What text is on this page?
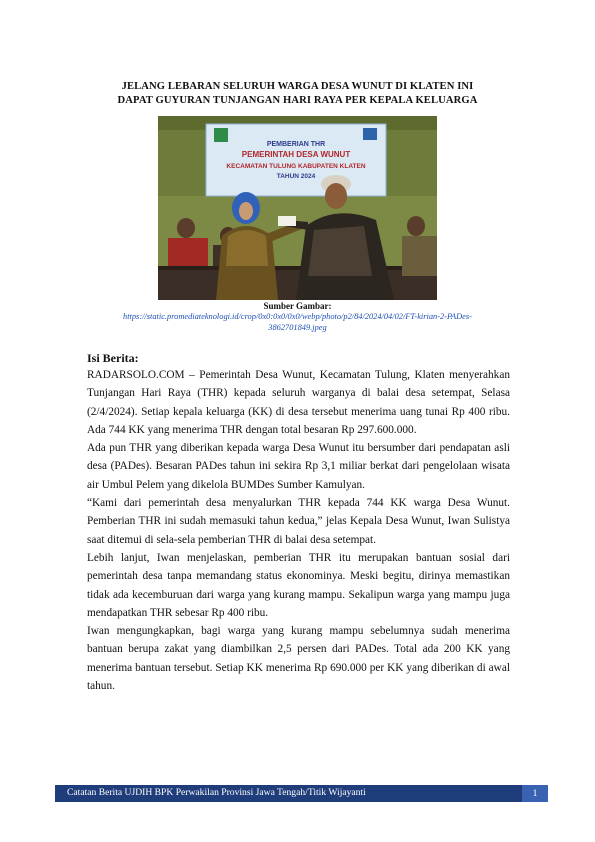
JELANG LEBARAN SELURUH WARGA DESA WUNUT DI KLATEN INI
DAPAT GUYURAN TUNJANGAN HARI RAYA PER KEPALA KELUARGA
PEMBERIAN THR
PEMERINTAH DESA WUNUT
KECAMATAN TULUNG KABUPATEN KLATEN
TAHUN 2024
Sumber Gambar:
https://static.promediateknologi.id/crop/0x0:0x0/0x0/webp/photo/p2/84/2024/04/02/FT-kirian-2-PADes-
3862701849.jpeg
Isi Berita:

RADARSOLO.COM – Pemerintah Desa Wunut, Kecamatan Tulung, Klaten menyerahkan Tunjangan Hari Raya (THR) kepada seluruh warganya di balai desa setempat, Selasa (2/4/2024). Setiap kepala keluarga (KK) di desa tersebut menerima uang tunai Rp 400 ribu. Ada 744 KK yang menerima THR dengan total besaran Rp 297.600.000.

Ada pun THR yang diberikan kepada warga Desa Wunut itu bersumber dari pendapatan asli desa (PADes). Besaran PADes tahun ini sekira Rp 3,1 miliar berkat dari pengelolaan wisata air Umbul Pelem yang dikelola BUMDes Sumber Kamulyan.

“Kami dari pemerintah desa menyalurkan THR kepada 744 KK warga Desa Wunut. Pemberian THR ini sudah memasuki tahun kedua,” jelas Kepala Desa Wunut, Iwan Sulistya saat ditemui di sela-sela pemberian THR di balai desa setempat.

Lebih lanjut, Iwan menjelaskan, pemberian THR itu merupakan bantuan sosial dari pemerintah desa tanpa memandang status ekonominya. Meski begitu, dirinya memastikan tidak ada kecemburuan dari warga yang kurang mampu. Sekalipun warga yang mampu juga mendapatkan THR sebesar Rp 400 ribu.

Iwan mengungkapkan, bagi warga yang kurang mampu sebelumnya sudah menerima bantuan berupa zakat yang diambilkan 2,5 persen dari PADes. Total ada 200 KK yang menerima bantuan tersebut. Setiap KK menerima Rp 690.000 per KK yang diberikan di awal tahun.

Catatan Berita UJDIH BPK Perwakilan Provinsi Jawa Tengah/Titik Wijayanti	1
